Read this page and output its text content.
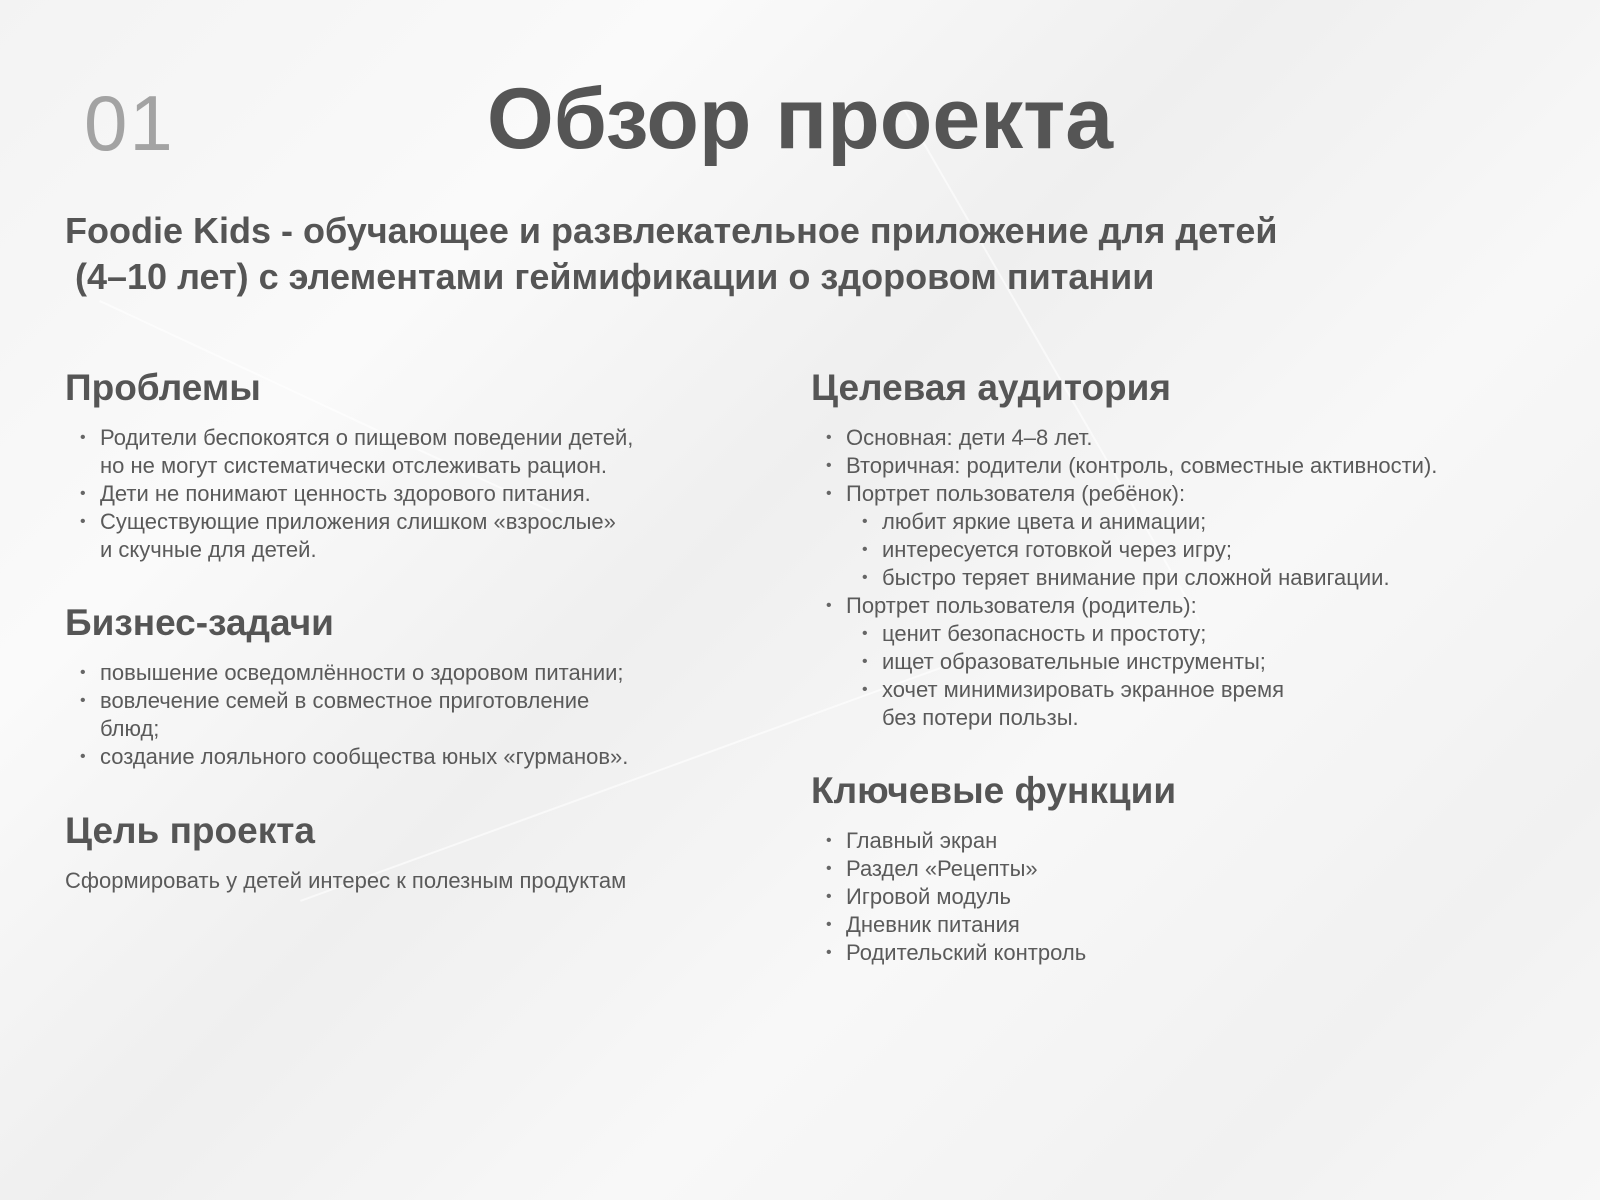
01	Обзор проекта
Foodie Kids - обучающее и развлекательное приложение для детей
(4–10 лет) с элементами геймификации о здоровом питании
Проблемы
• Родители беспокоятся о пищевом поведении детей,
но не могут систематически отслеживать рацион.
• Дети не понимают ценность здорового питания.
• Существующие приложения слишком «взрослые»
и скучные для детей.
Бизнес-задачи
• повышение осведомлённости о здоровом питании;
• вовлечение семей в совместное приготовление
блюд;
• создание лояльного сообщества юных «гурманов».
Цель проекта
Сформировать у детей интерес к полезным продуктам
Целевая аудитория
• Основная: дети 4–8 лет.
• Вторичная: родители (контроль, совместные активности).
• Портрет пользователя (ребёнок):
• любит яркие цвета и анимации;
• интересуется готовкой через игру;
• быстро теряет внимание при сложной навигации.
• Портрет пользователя (родитель):
• ценит безопасность и простоту;
• ищет образовательные инструменты;
• хочет минимизировать экранное время
без потери пользы.
Ключевые функции
• Главный экран
• Раздел «Рецепты»
• Игровой модуль
• Дневник питания
• Родительский контроль
